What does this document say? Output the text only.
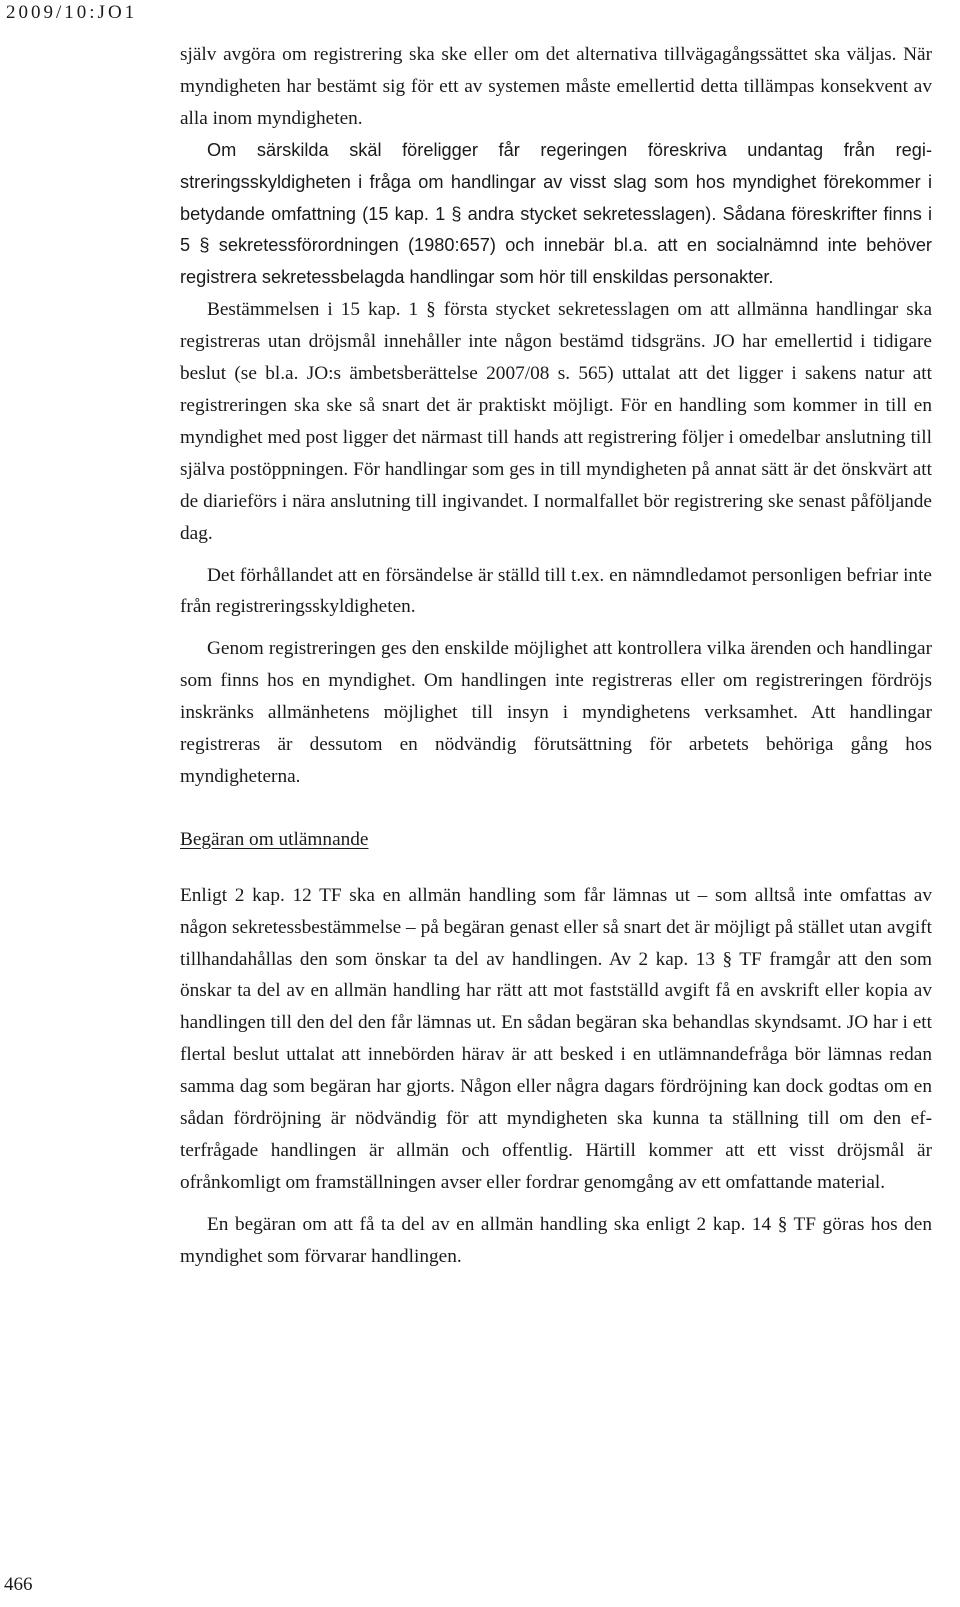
2009/10:JO1

själv avgöra om registrering ska ske eller om det alternativa tillvägagångssättet ska väljas. När myndigheten har bestämt sig för ett av systemen måste emellertid detta tillämpas konsekvent av alla inom myndigheten.

Om särskilda skäl föreligger får regeringen föreskriva undantag från registreringsskyldigheten i fråga om handlingar av visst slag som hos myndighet förekommer i betydande omfattning (15 kap. 1 § andra stycket sekretesslagen). Sådana föreskrifter finns i 5 § sekretessförordningen (1980:657) och innebär bl.a. att en socialnämnd inte behöver registrera sekretessbelagda handlingar som hör till enskildas personakter.

Bestämmelsen i 15 kap. 1 § första stycket sekretesslagen om att allmänna handlingar ska registreras utan dröjsmål innehåller inte någon bestämd tidsgräns. JO har emellertid i tidigare beslut (se bl.a. JO:s ämbetsberättelse 2007/08 s. 565) uttalat att det ligger i sakens natur att registreringen ska ske så snart det är praktiskt möjligt. För en handling som kommer in till en myndighet med post ligger det närmast till hands att registrering följer i omedelbar anslutning till själva postöppningen. För handlingar som ges in till myndigheten på annat sätt är det önskvärt att de diarieförs i nära anslutning till ingivandet. I normalfallet bör registrering ske senast påföljande dag.

Det förhållandet att en försändelse är ställd till t.ex. en nämndledamot personligen befriar inte från registreringsskyldigheten.

Genom registreringen ges den enskilde möjlighet att kontrollera vilka ärenden och handlingar som finns hos en myndighet. Om handlingen inte registreras eller om registreringen fördröjs inskränks allmänhetens möjlighet till insyn i myndighetens verksamhet. Att handlingar registreras är dessutom en nödvändig förutsättning för arbetets behöriga gång hos myndigheterna.

Begäran om utlämnande

Enligt 2 kap. 12 TF ska en allmän handling som får lämnas ut – som alltså inte omfattas av någon sekretessbestämmelse – på begäran genast eller så snart det är möjligt på stället utan avgift tillhandahållas den som önskar ta del av handlingen. Av 2 kap. 13 § TF framgår att den som önskar ta del av en allmän handling har rätt att mot fastställd avgift få en avskrift eller kopia av handlingen till den del den får lämnas ut. En sådan begäran ska behandlas skyndsamt. JO har i ett flertal beslut uttalat att innebörden härav är att besked i en utlämnandefråga bör lämnas redan samma dag som begäran har gjorts. Någon eller några dagars fördröjning kan dock godtas om en sådan fördröjning är nödvändig för att myndigheten ska kunna ta ställning till om den efterfrågade handlingen är allmän och offentlig. Härtill kommer att ett visst dröjsmål är ofrånkomligt om framställningen avser eller fordrar genomgång av ett omfattande material.

En begäran om att få ta del av en allmän handling ska enligt 2 kap. 14 § TF göras hos den myndighet som förvarar handlingen.

466
